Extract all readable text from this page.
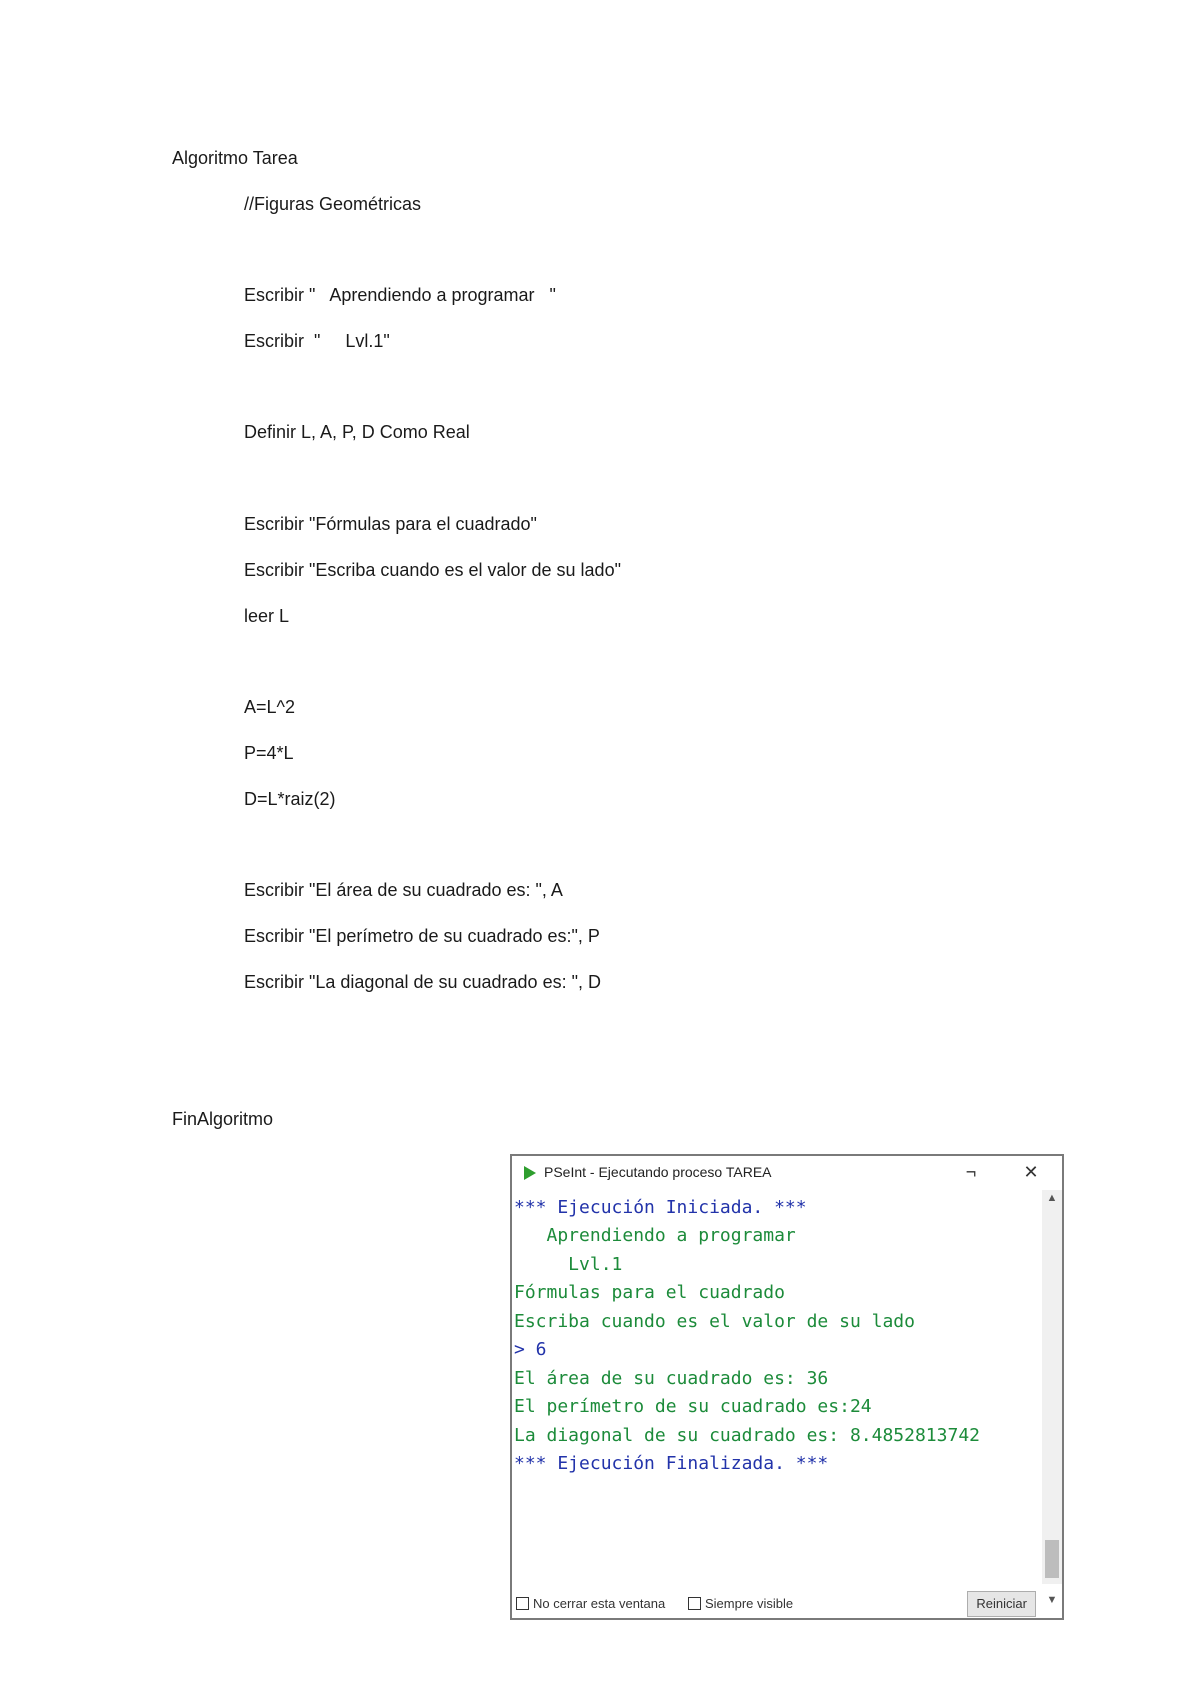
Algoritmo Tarea
//Figuras Geométricas
Escribir "   Aprendiendo a programar   "
Escribir  "     Lvl.1"
Definir L, A, P, D Como Real
Escribir "Fórmulas para el cuadrado"
Escribir "Escriba cuando es el valor de su lado"
leer L
A=L^2
P=4*L
D=L*raiz(2)
Escribir "El área de su cuadrado es: ", A
Escribir "El perímetro de su cuadrado es:", P
Escribir "La diagonal de su cuadrado es: ", D
FinAlgoritmo
PSeInt - Ejecutando proceso TAREA	¬	✕
*** Ejecución Iniciada. ***
Aprendiendo a programar
Lvl.1
Fórmulas para el cuadrado
Escriba cuando es el valor de su lado
> 6
El área de su cuadrado es: 36
El perímetro de su cuadrado es:24
La diagonal de su cuadrado es: 8.4852813742
*** Ejecución Finalizada. ***
▲
No cerrar esta ventana	Siempre visible	Reiniciar	▼
